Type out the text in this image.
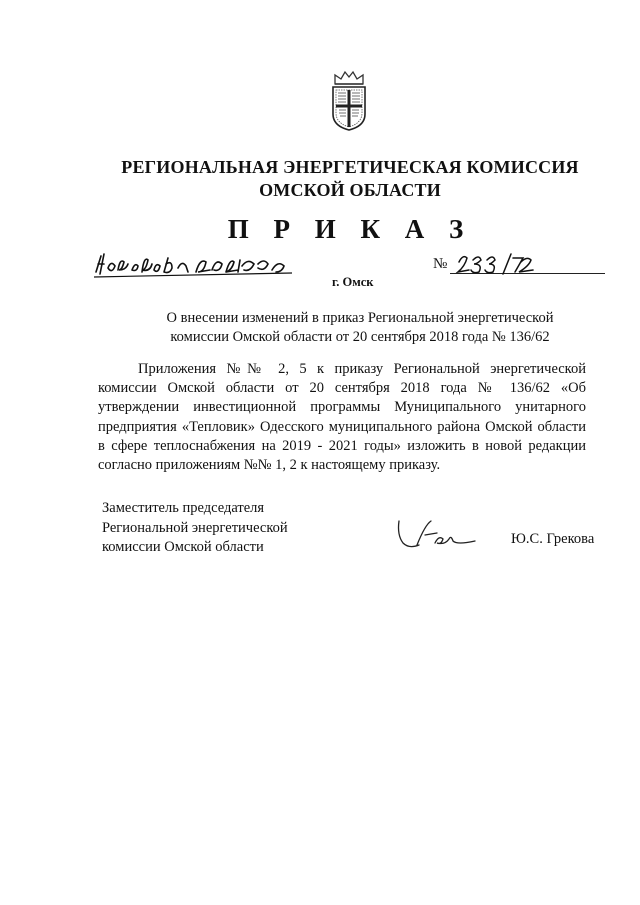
РЕГИОНАЛЬНАЯ ЭНЕРГЕТИЧЕСКАЯ КОМИССИЯ
ОМСКОЙ ОБЛАСТИ
П Р И К А З
г. Омск
№
О внесении изменений в приказ Региональной энергетической комиссии Омской области от 20 сентября 2018 года № 136/62
Приложения №№ 2, 5 к приказу Региональной энергетической комиссии Омской области от 20 сентября 2018 года № 136/62 «Об утверждении инвестиционной программы Муниципального унитарного предприятия «Тепловик» Одесского муниципального района Омской области в сфере теплоснабжения на 2019 - 2021 годы» изложить в новой редакции согласно приложениям №№ 1, 2 к настоящему приказу.
Заместитель председателя
Региональной энергетической
комиссии Омской области	Ю.С. Грекова
